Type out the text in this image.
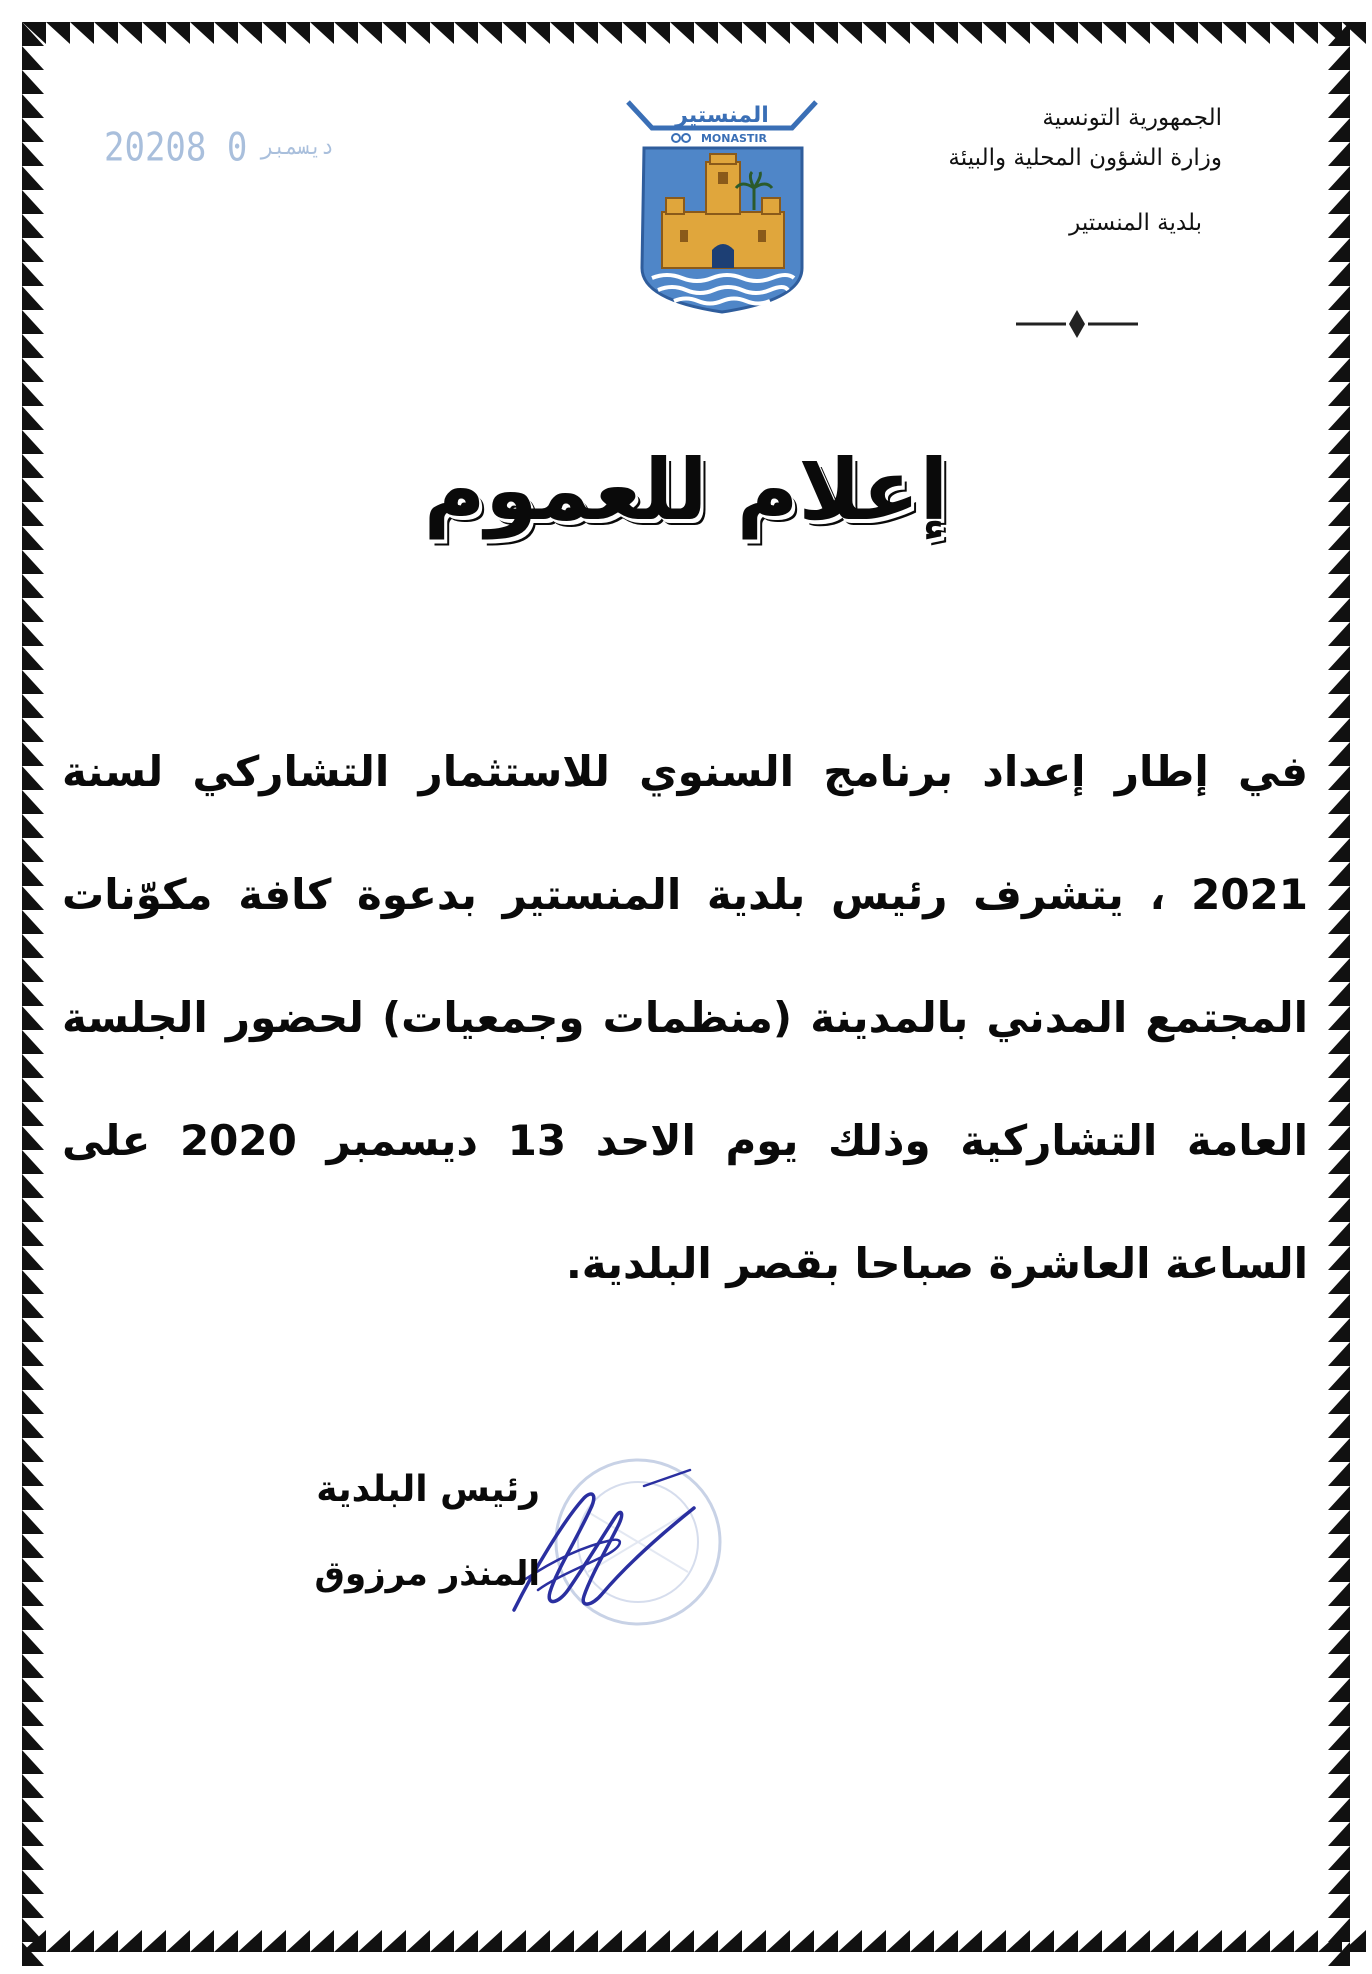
2020	ديسمبر0 8
المنستير
MONASTIR
الجمهورية التونسية
وزارة الشؤون المحلية والبيئة
بلدية المنستير
إعلام للعموم
في إطار إعداد برنامج السنوي للاستثمار التشاركي لسنة
2021 ، يتشرف رئيس بلدية المنستير بدعوة كافة مكوّنات
المجتمع المدني بالمدينة (منظمات وجمعيات) لحضور الجلسة
العامة التشاركية وذلك يوم الاحد 13 ديسمبر 2020 على
الساعة العاشرة صباحا بقصر البلدية.
رئيس البلدية
المنذر مرزوق
